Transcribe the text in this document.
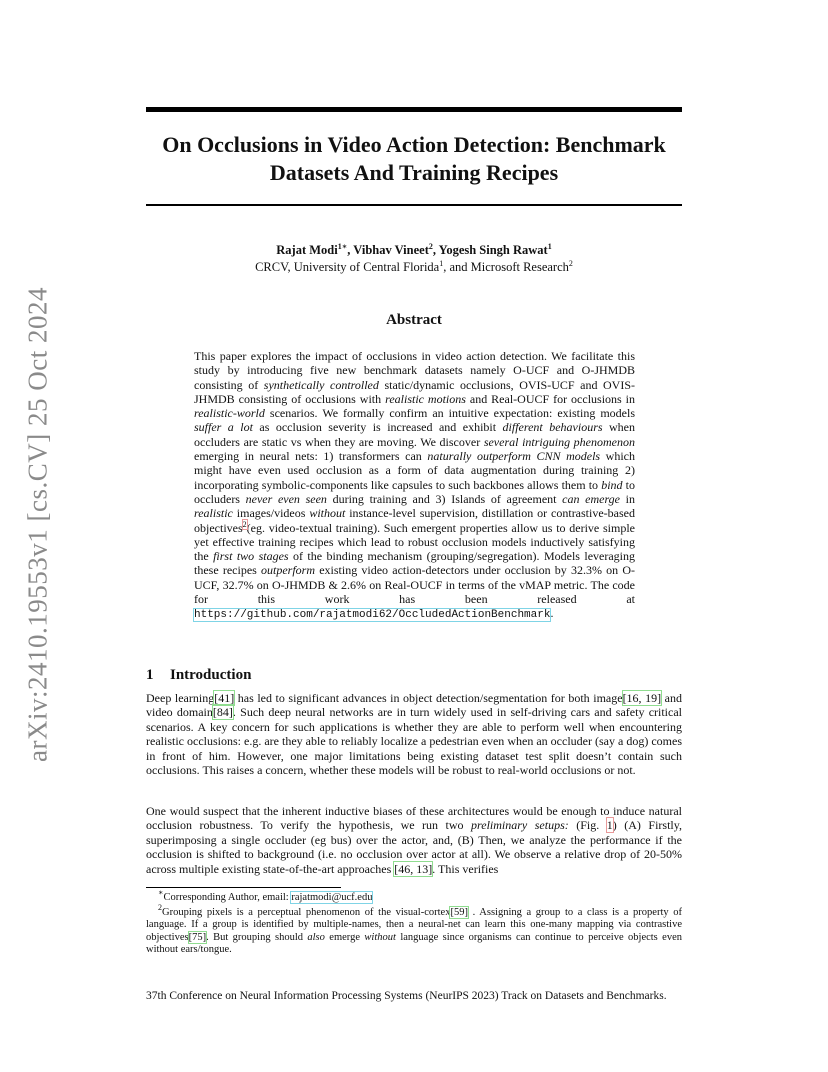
arXiv:2410.19553v1 [cs.CV] 25 Oct 2024
On Occlusions in Video Action Detection: Benchmark
Datasets And Training Recipes
Rajat Modi$^{1∗}$, Vibhav Vineet$^2$, Yogesh Singh Rawat$^1$
CRCV, University of Central Florida$^1$, and Microsoft Research$^2$
Abstract

This paper explores the impact of occlusions in video action detection. We facilitate this study by introducing five new benchmark datasets namely O-UCF and O-JHMDB consisting of synthetically controlled static/dynamic occlusions, OVIS-UCF and OVIS-JHMDB consisting of occlusions with realistic motions and Real-OUCF for occlusions in realistic-world scenarios. We formally confirm an intuitive expectation: existing models suffer a lot as occlusion severity is increased and exhibit different behaviours when occluders are static vs when they are moving. We discover several intriguing phenomenon emerging in neural nets: 1) transformers can naturally outperform CNN models which might have even used occlusion as a form of data augmentation during training 2) incorporating symbolic-components like capsules to such backbones allows them to bind to occluders never even seen during training and 3) Islands of agreement can emerge in realistic images/videos without instance-level supervision, distillation or contrastive-based objectives$^2$(eg. video-textual training). Such emergent properties allow us to derive simple yet effective training recipes which lead to robust occlusion models inductively satisfying the first two stages of the binding mechanism (grouping/segregation). Models leveraging these recipes outperform existing video action-detectors under occlusion by 32.3% on O-UCF, 32.7% on O-JHMDB & 2.6% on Real-OUCF in terms of the vMAP metric. The code for this work has been released at https://github.com/rajatmodi62/OccludedActionBenchmark.

1 Introduction

Deep learning[41] has led to significant advances in object detection/segmentation for both image[16, 19] and video domain[84]. Such deep neural networks are in turn widely used in self-driving cars and safety critical scenarios. A key concern for such applications is whether they are able to perform well when encountering realistic occlusions: e.g. are they able to reliably localize a pedestrian even when an occluder (say a dog) comes in front of him. However, one major limitations being existing dataset test split doesn’t contain such occlusions. This raises a concern, whether these models will be robust to real-world occlusions or not.

One would suspect that the inherent inductive biases of these architectures would be enough to induce natural occlusion robustness. To verify the hypothesis, we run two preliminary setups: (Fig. 1) (A) Firstly, superimposing a single occluder (eg bus) over the actor, and, (B) Then, we analyze the performance if the occlusion is shifted to background (i.e. no occlusion over actor at all). We observe a relative drop of 20-50% across multiple existing state-of-the-art approaches [46, 13]. This verifies

∗Corresponding Author, email: rajatmodi@ucf.edu

$^2$Grouping pixels is a perceptual phenomenon of the visual-cortex[59] . Assigning a group to a class is a property of language. If a group is identified by multiple-names, then a neural-net can learn this one-many mapping via contrastive objectives[75]. But grouping should also emerge without language since organisms can continue to perceive objects even without ears/tongue.

37th Conference on Neural Information Processing Systems (NeurIPS 2023) Track on Datasets and Benchmarks.
